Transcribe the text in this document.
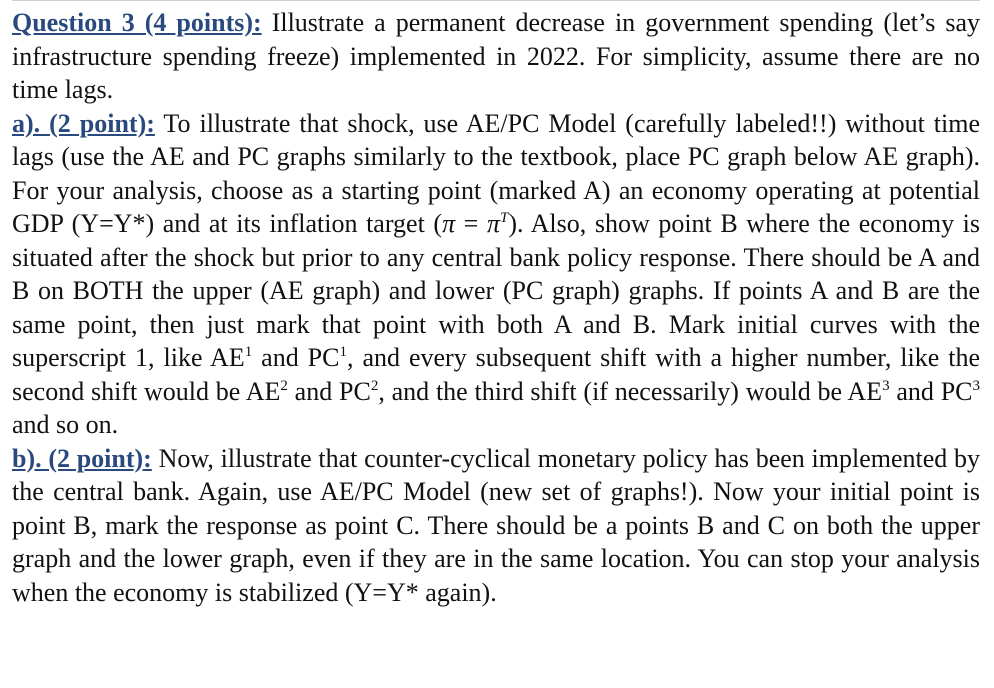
Question 3 (4 points): Illustrate a permanent decrease in government spending (let’s say infrastructure spending freeze) implemented in 2022. For simplicity, assume there are no time lags.

a). (2 point): To illustrate that shock, use AE/PC Model (carefully labeled!!) without time lags (use the AE and PC graphs similarly to the textbook, place PC graph below AE graph). For your analysis, choose as a starting point (marked A) an economy operating at potential GDP (Y=Y*) and at its inflation target $(\pi = \pi^T)$. Also, show point B where the economy is situated after the shock but prior to any central bank policy response. There should be A and B on BOTH the upper (AE graph) and lower (PC graph) graphs. If points A and B are the same point, then just mark that point with both A and B. Mark initial curves with the superscript 1, like $AE^1$ and $PC^1$, and every subsequent shift with a higher number, like the second shift would be $AE^2$ and $PC^2$, and the third shift (if necessarily) would be $AE^3$ and $PC^3$ and so on.

b). (2 point): Now, illustrate that counter-cyclical monetary policy has been implemented by the central bank. Again, use AE/PC Model (new set of graphs!). Now your initial point is point B, mark the response as point C. There should be a points B and C on both the upper graph and the lower graph, even if they are in the same location. You can stop your analysis when the economy is stabilized (Y=Y* again).
